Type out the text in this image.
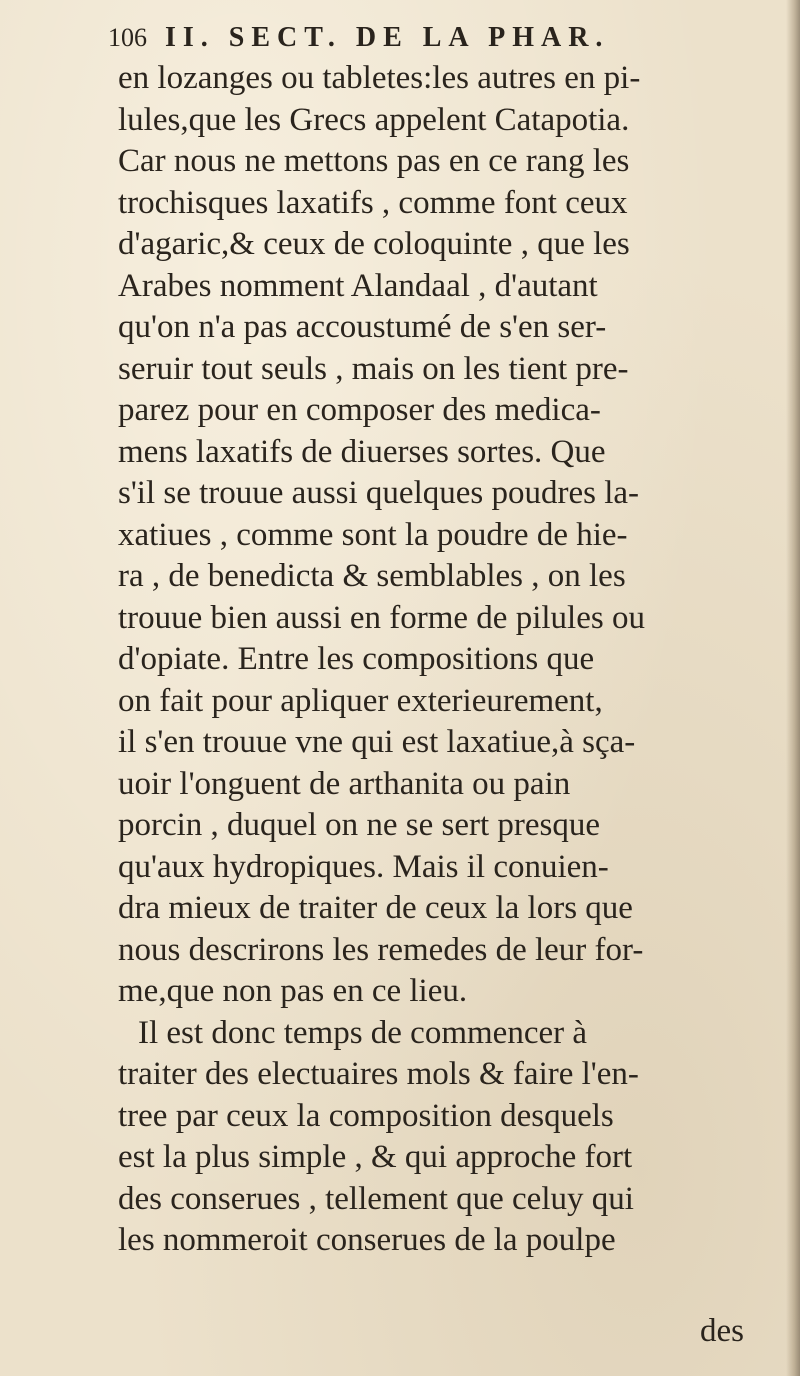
106 II. SECT. DE LA PHAR.
en lozanges ou tabletes:les autres en pi-
lules,que les Grecs appelent Catapotia.
Car nous ne mettons pas en ce rang les
trochisques laxatifs , comme font ceux
d'agaric,& ceux de coloquinte , que les
Arabes nomment Alandaal , d'autant
qu'on n'a pas accoustumé de s'en ser-
seruir tout seuls , mais on les tient pre-
parez pour en composer des medica-
mens laxatifs de diuerses sortes. Que
s'il se trouue aussi quelques poudres la-
xatiues , comme sont la poudre de hie-
ra , de benedicta & semblables , on les
trouue bien aussi en forme de pilules ou
d'opiate. Entre les compositions que
on fait pour apliquer exterieurement,
il s'en trouue vne qui est laxatiue,à sça-
uoir l'onguent de arthanita ou pain
porcin , duquel on ne se sert presque
qu'aux hydropiques. Mais il conuien-
dra mieux de traiter de ceux la lors que
nous descrirons les remedes de leur for-
me,que non pas en ce lieu.
Il est donc temps de commencer à
traiter des electuaires mols & faire l'en-
tree par ceux la composition desquels
est la plus simple , & qui approche fort
des conserues , tellement que celuy qui
les nommeroit conserues de la poulpe
des
